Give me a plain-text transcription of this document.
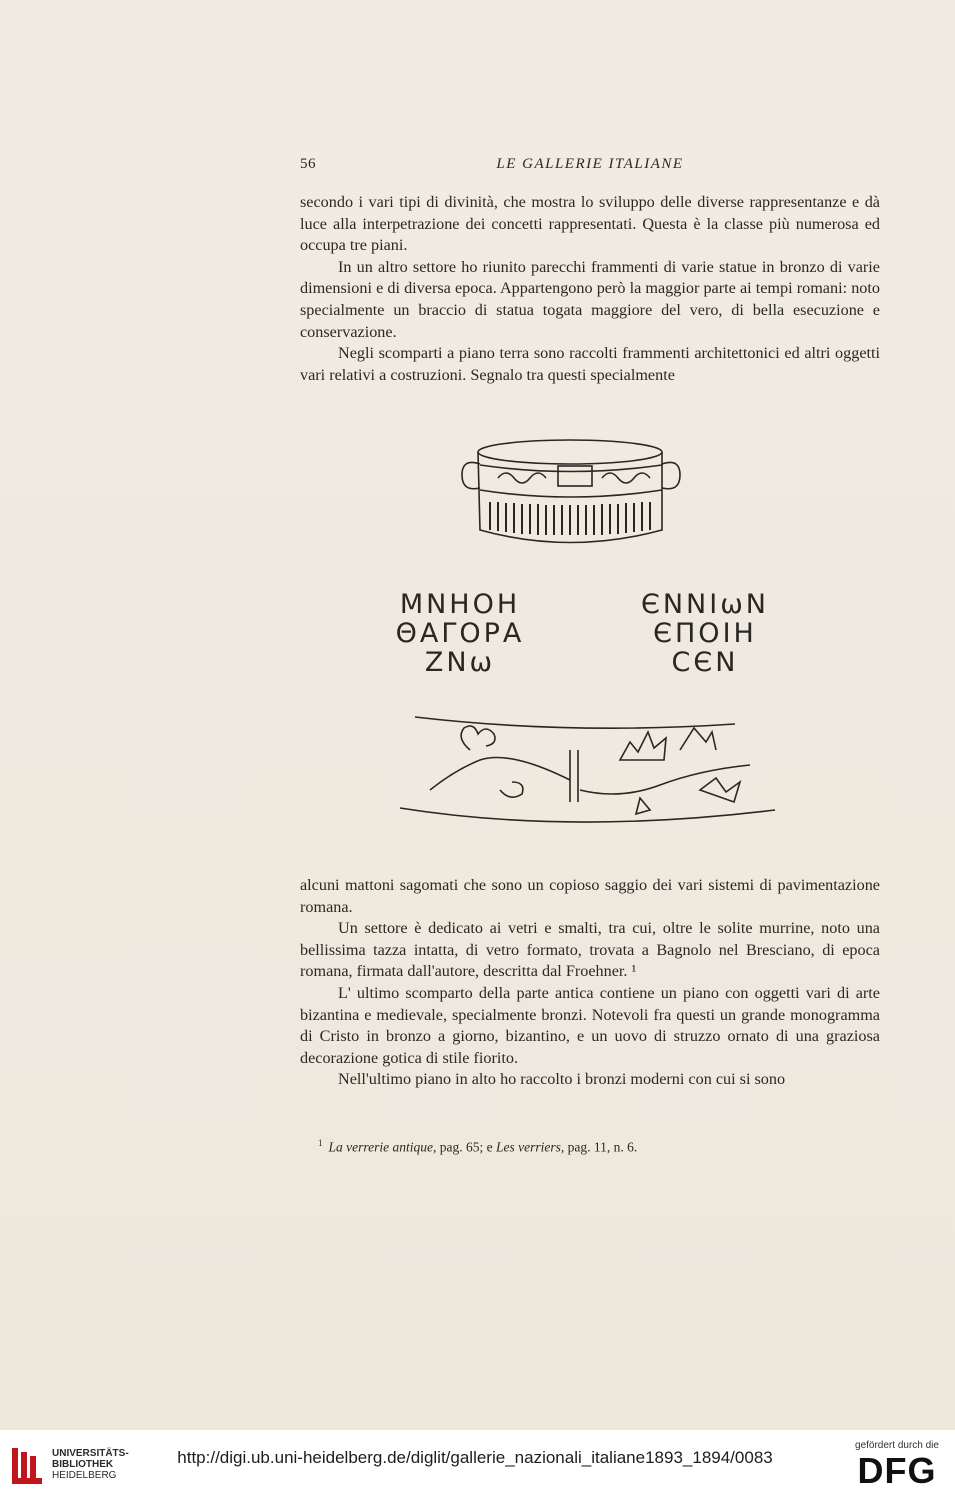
56	LE GALLERIE ITALIANE

secondo i vari tipi di divinità, che mostra lo sviluppo delle diverse rappresentanze e dà luce alla interpetrazione dei concetti rappresentati. Questa è la classe più numerosa ed occupa tre piani.

In un altro settore ho riunito parecchi frammenti di varie statue in bronzo di varie dimensioni e di diversa epoca. Appartengono però la maggior parte ai tempi romani: noto specialmente un braccio di statua togata maggiore del vero, di bella esecuzione e conservazione.

Negli scomparti a piano terra sono raccolti frammenti architettonici ed altri oggetti vari relativi a costruzioni. Segnalo tra questi specialmente

ΜΝΗΟΗ
ΘΑΓΟΡΑ
ΖΝω
ЄΝΝΙωΝ
ЄΠΟΙΗ
CЄΝ

alcuni mattoni sagomati che sono un copioso saggio dei vari sistemi di pavimentazione romana.

Un settore è dedicato ai vetri e smalti, tra cui, oltre le solite murrine, noto una bellissima tazza intatta, di vetro formato, trovata a Bagnolo nel Bresciano, di epoca romana, firmata dall'autore, descritta dal Froehner. ¹

L' ultimo scomparto della parte antica contiene un piano con oggetti vari di arte bizantina e medievale, specialmente bronzi. Notevoli fra questi un grande monogramma di Cristo in bronzo a giorno, bizantino, e un uovo di struzzo ornato di una graziosa decorazione gotica di stile fiorito.

Nell'ultimo piano in alto ho raccolto i bronzi moderni con cui si sono

$^1$ La verrerie antique, pag. 65; e Les verriers, pag. 11, n. 6.
UNIVERSITÄTS-
BIBLIOTHEK
HEIDELBERG
http://digi.ub.uni-heidelberg.de/diglit/gallerie_nazionali_italiane1893_1894/0083
gefördert durch die
DFG
